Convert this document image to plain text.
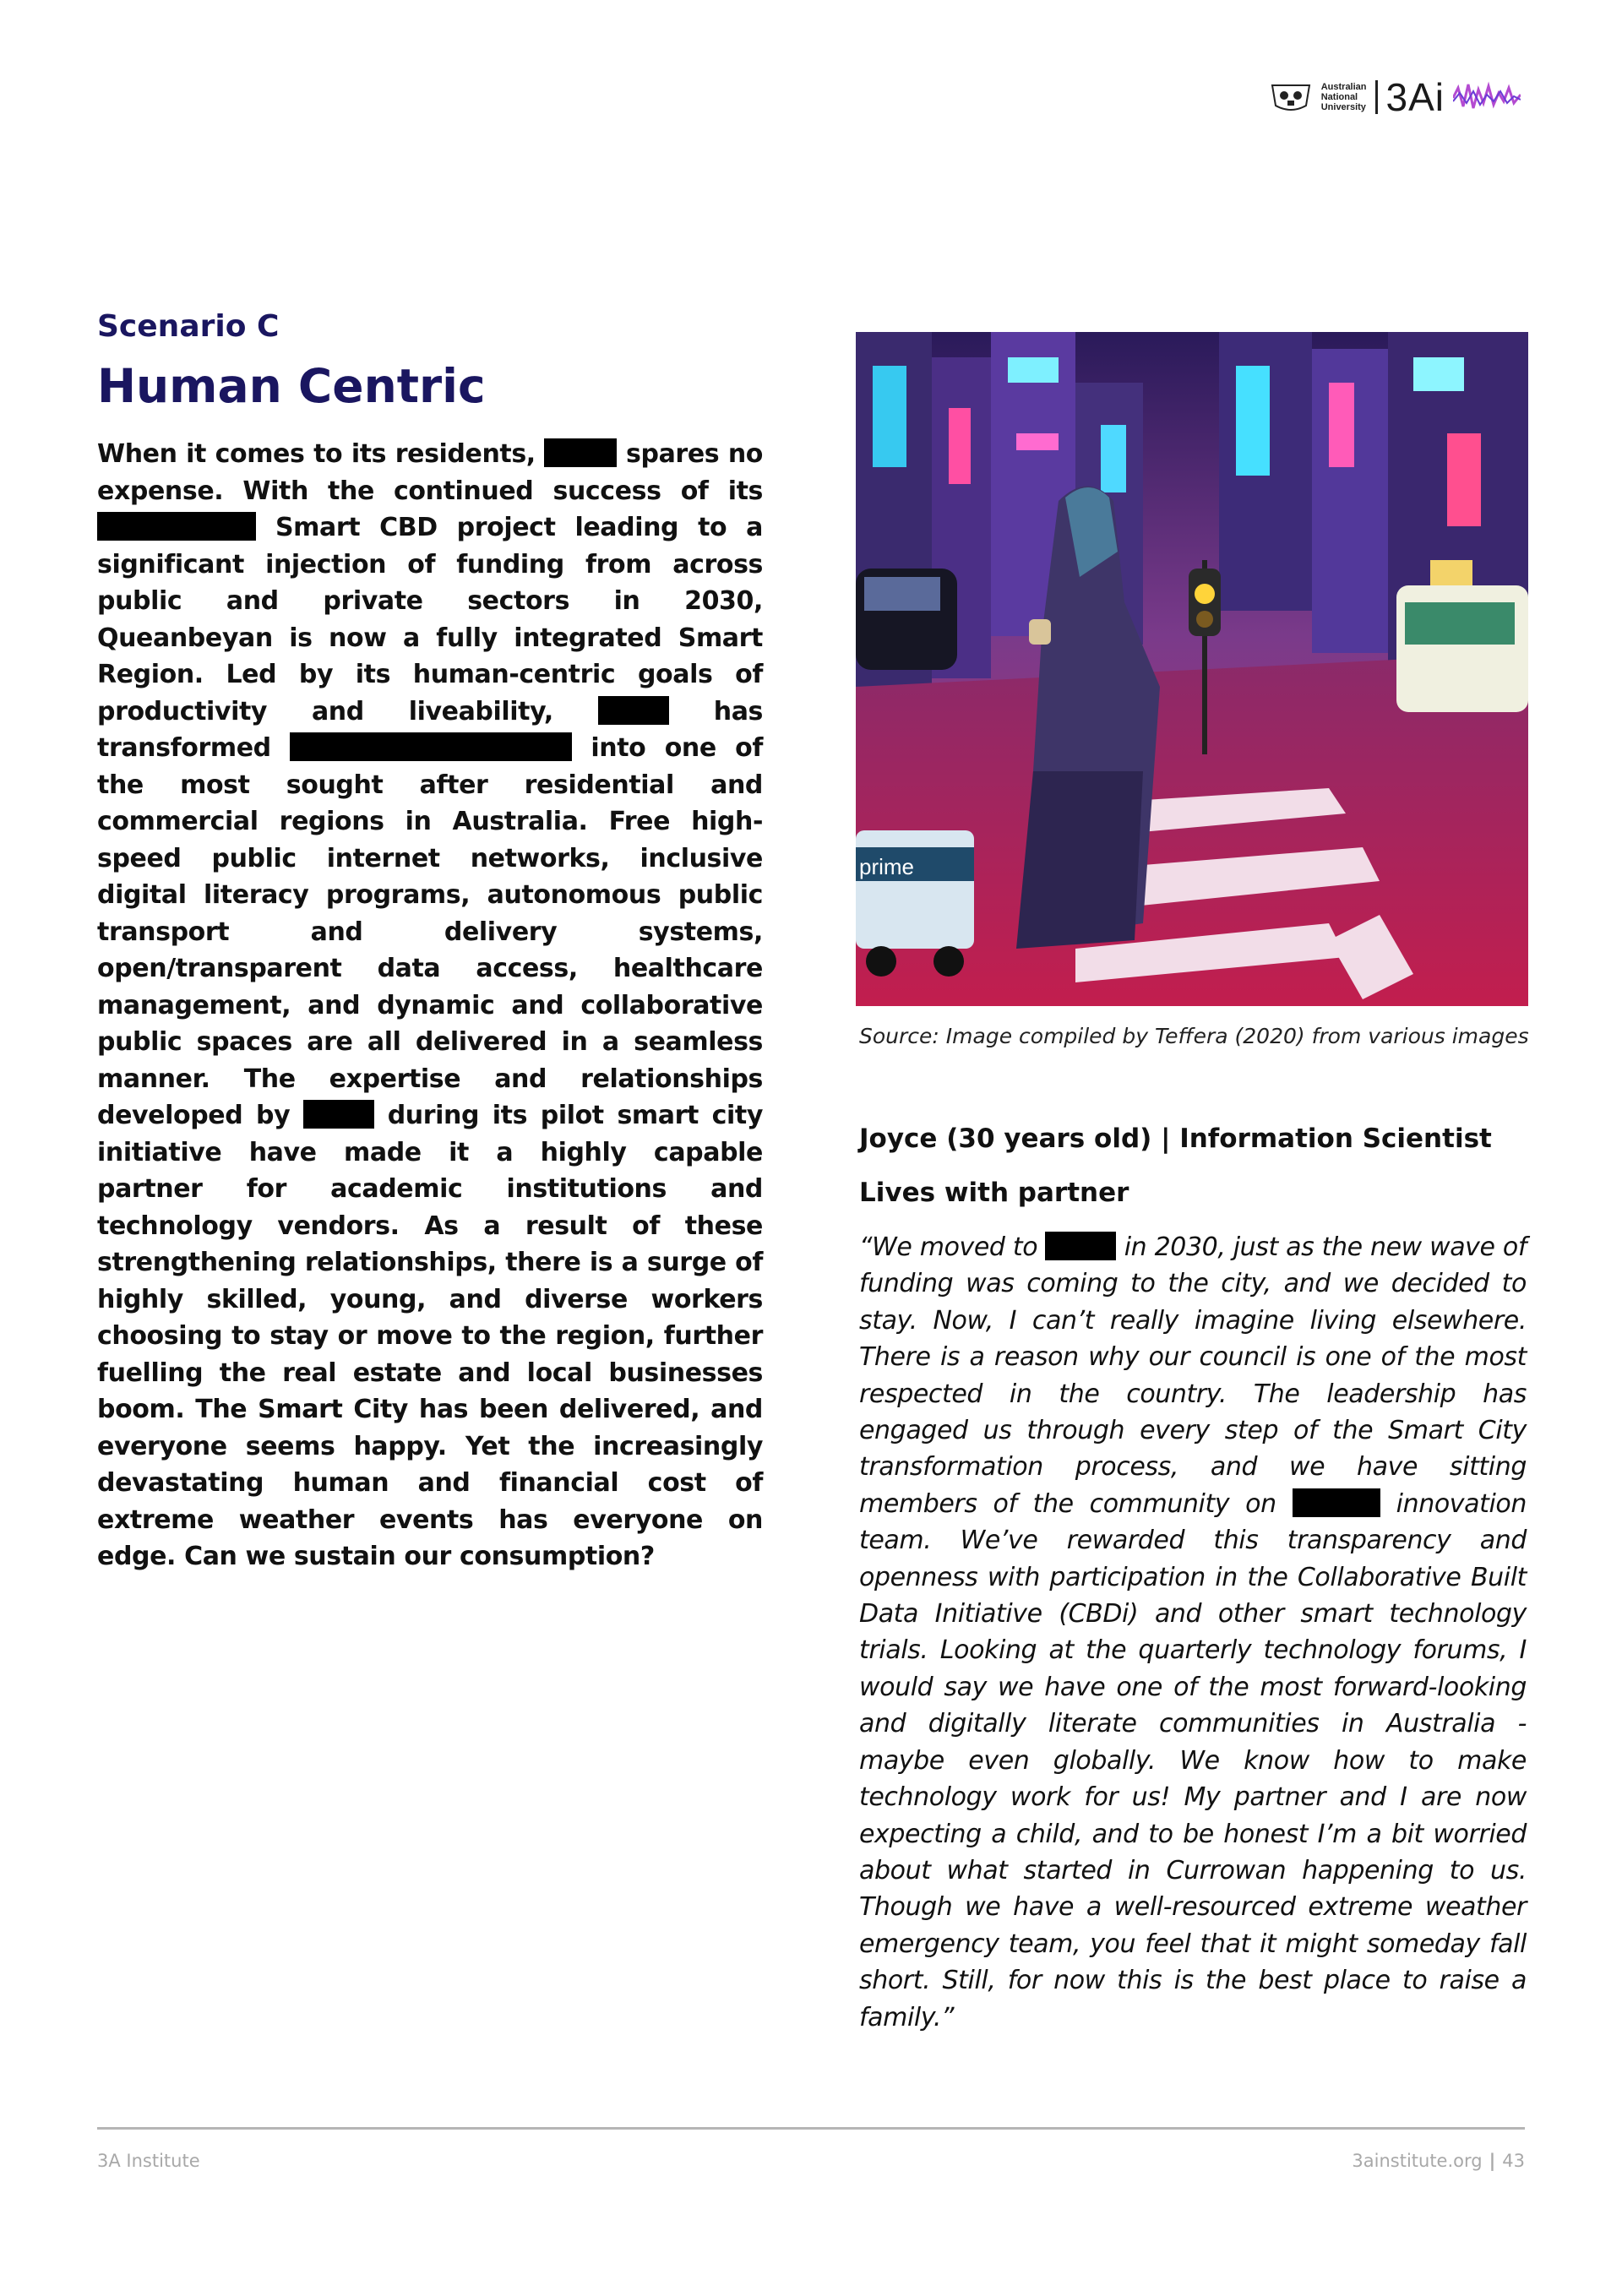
Australian
National
University 3Ai
Scenario C
Human Centric
When it comes to its residents,	spares no expense. With the continued success of its  Smart CBD project leading to a significant injection of funding from across public and private sectors in 2030, Queanbeyan is now a fully integrated Smart Region. Led by its human-centric goals of productivity and liveability,	has transformed	into one of the most sought after residential and commercial regions in Australia. Free high-speed public internet networks, inclusive digital literacy programs, autonomous public transport and delivery systems, open/transparent data access, healthcare management, and dynamic and collaborative public spaces are all delivered in a seamless manner. The expertise and relationships developed by	during its pilot smart city initiative have made it a highly capable partner for academic institutions and technology vendors. As a result of these strengthening relationships, there is a surge of highly skilled, young, and diverse workers choosing to stay or move to the region, further fuelling the real estate and local businesses boom. The Smart City has been delivered, and everyone seems happy. Yet the increasingly devastating human and financial cost of extreme weather events has everyone on edge. Can we sustain our consumption?
prime
Source: Image compiled by Teffera (2020) from various images
Joyce (30 years old) | Information Scientist
Lives with partner
“We moved to	in 2030, just as the new wave of funding was coming to the city, and we decided to stay. Now, I can’t really imagine living elsewhere. There is a reason why our council is one of the most respected in the country. The leadership has engaged us through every step of the Smart City transformation process, and we have sitting members of the community on	innovation team. We’ve rewarded this transparency and openness with participation in the Collaborative Built Data Initiative (CBDi) and other smart technology trials. Looking at the quarterly technology forums, I would say we have one of the most forward-looking and digitally literate communities in Australia - maybe even globally. We know how to make technology work for us! My partner and I are now expecting a child, and to be honest I’m a bit worried about what started in Currowan happening to us. Though we have a well-resourced extreme weather emergency team, you feel that it might someday fall short. Still, for now this is the best place to raise a family.”
3A Institute	3ainstitute.org | 43
